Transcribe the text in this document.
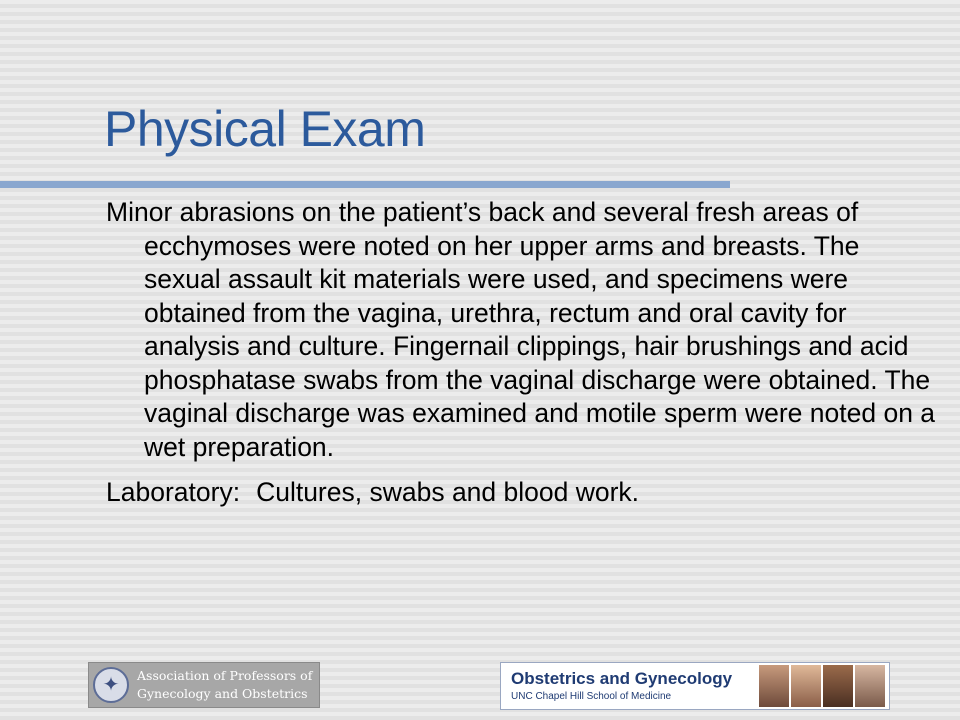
Physical Exam

Minor abrasions on the patient’s back and several fresh areas of ecchymoses were noted on her upper arms and breasts. The sexual assault kit materials were used, and specimens were obtained from the vagina, urethra, rectum and oral cavity for analysis and culture. Fingernail clippings, hair brushings and acid phosphatase swabs from the vaginal discharge were obtained. The vaginal discharge was examined and motile sperm were noted on a wet preparation.

Laboratory: Cultures, swabs and blood work.

✦	Association of Professors of
Gynecology and Obstetrics
Obstetrics and Gynecology
UNC Chapel Hill School of Medicine
